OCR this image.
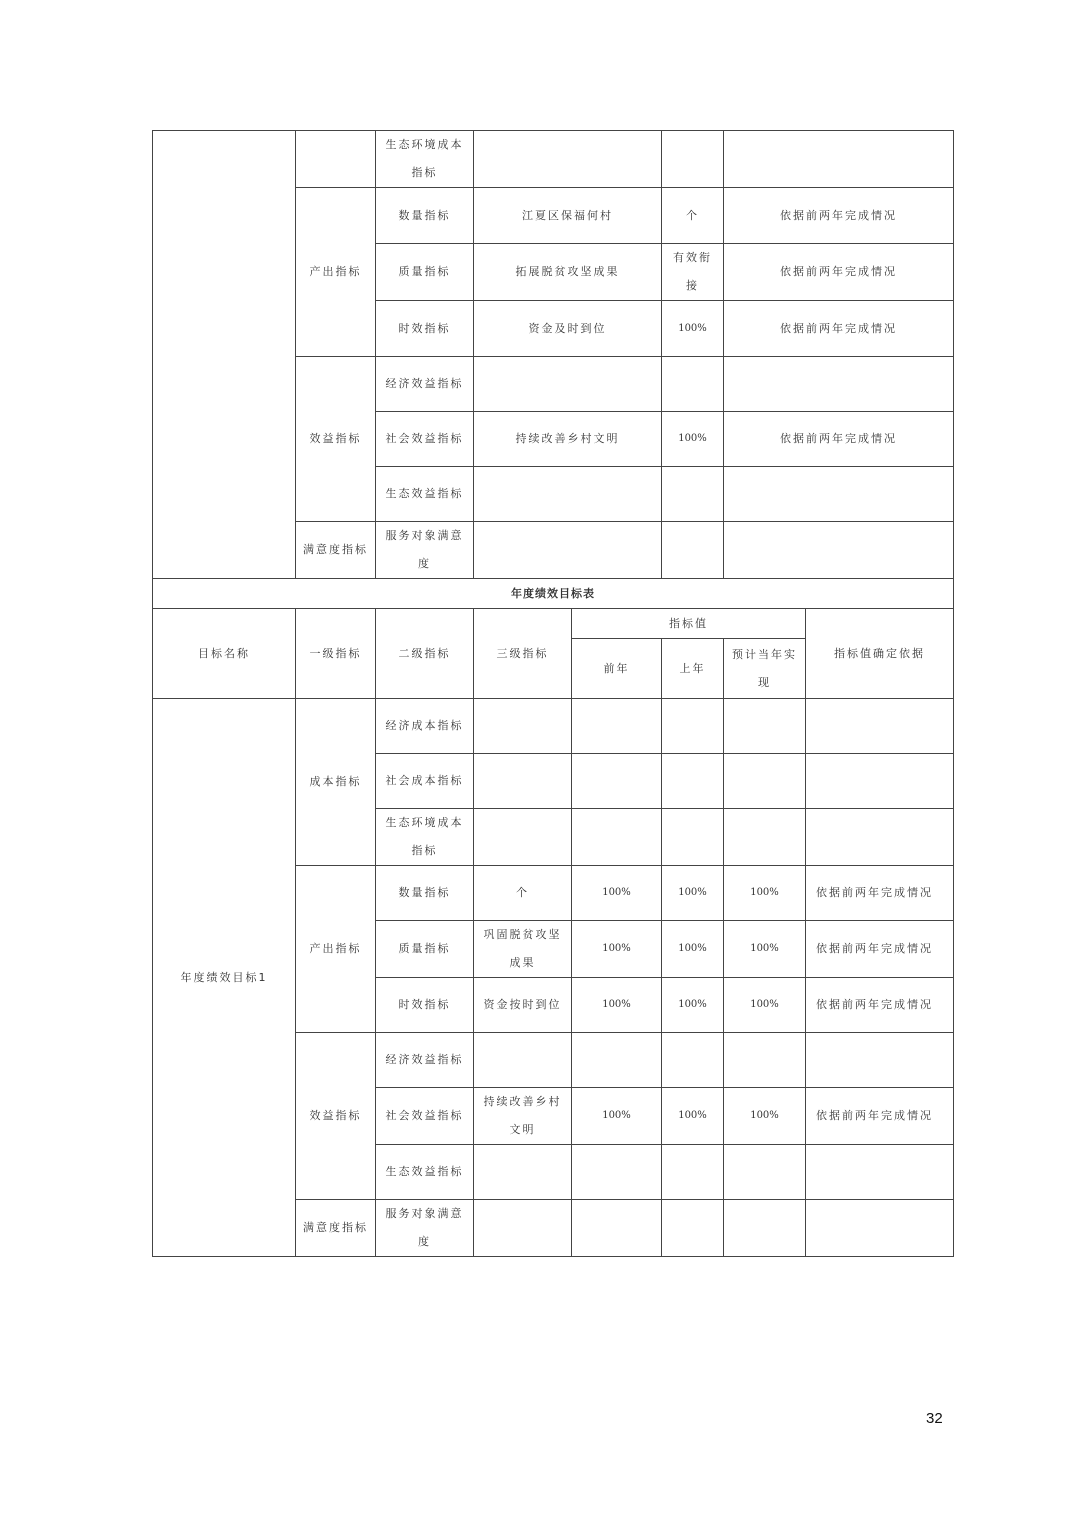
		生态环境成本指标					
	产出指标	数量指标	江夏区保福何村		个	依据前两年完成情况	
		质量指标	拓展脱贫攻坚成果		有效衔接	依据前两年完成情况	
		时效指标	资金及时到位		100%	依据前两年完成情况	
	效益指标	经济效益指标					
		社会效益指标	持续改善乡村文明		100%	依据前两年完成情况	
		生态效益指标					
	满意度指标	服务对象满意度					
年度绩效目标表							
目标名称	一级指标	二级指标	三级指标	指标值			指标值确定依据
				前年	上年	预计当年实现	
年度绩效目标1	成本指标	经济成本指标					
		社会成本指标					
		生态环境成本指标					
	产出指标	数量指标	个	100%	100%	100%	依据前两年完成情况
		质量指标	巩固脱贫攻坚成果	100%	100%	100%	依据前两年完成情况
		时效指标	资金按时到位	100%	100%	100%	依据前两年完成情况
	效益指标	经济效益指标					
		社会效益指标	持续改善乡村文明	100%	100%	100%	依据前两年完成情况
		生态效益指标					
	满意度指标	服务对象满意度					
32
